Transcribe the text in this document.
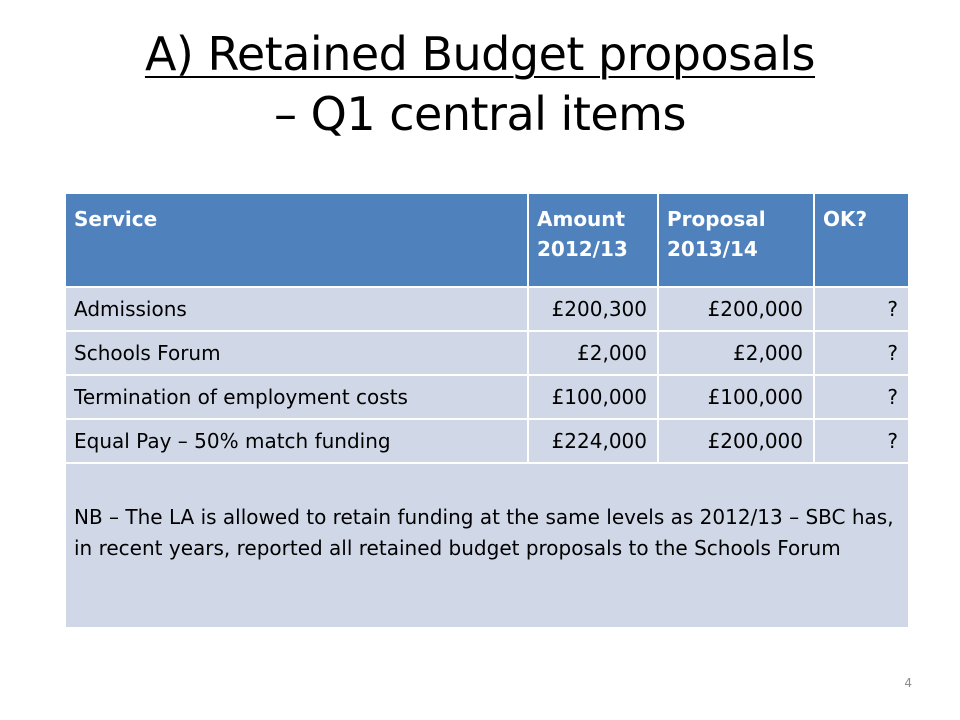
A) Retained Budget proposals
– Q1 central items
Service	Amount 2012/13	Proposal 2013/14	OK?
Admissions	£200,300	£200,000	?
Schools Forum	£2,000	£2,000	?
Termination of employment costs	£100,000	£100,000	?
Equal Pay – 50% match funding	£224,000	£200,000	?
NB – The LA is allowed to retain funding at the same levels as 2012/13 – SBC has, in recent years, reported all retained budget proposals to the Schools Forum			
4
